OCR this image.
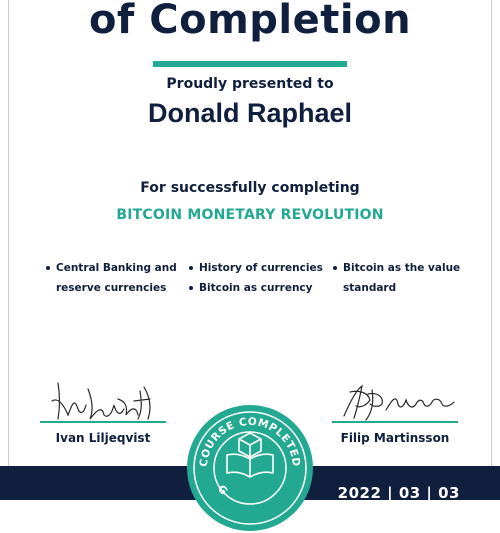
of Completion
Proudly presented to
Donald Raphael
For successfully completing
BITCOIN MONETARY REVOLUTION
Central Banking and
reserve currencies
History of currencies
Bitcoin as currency
Bitcoin as the value
standard
Ivan Liljeqvist	Filip Martinsson
2022 | 03 | 03
COURSE COMPLETED
G
